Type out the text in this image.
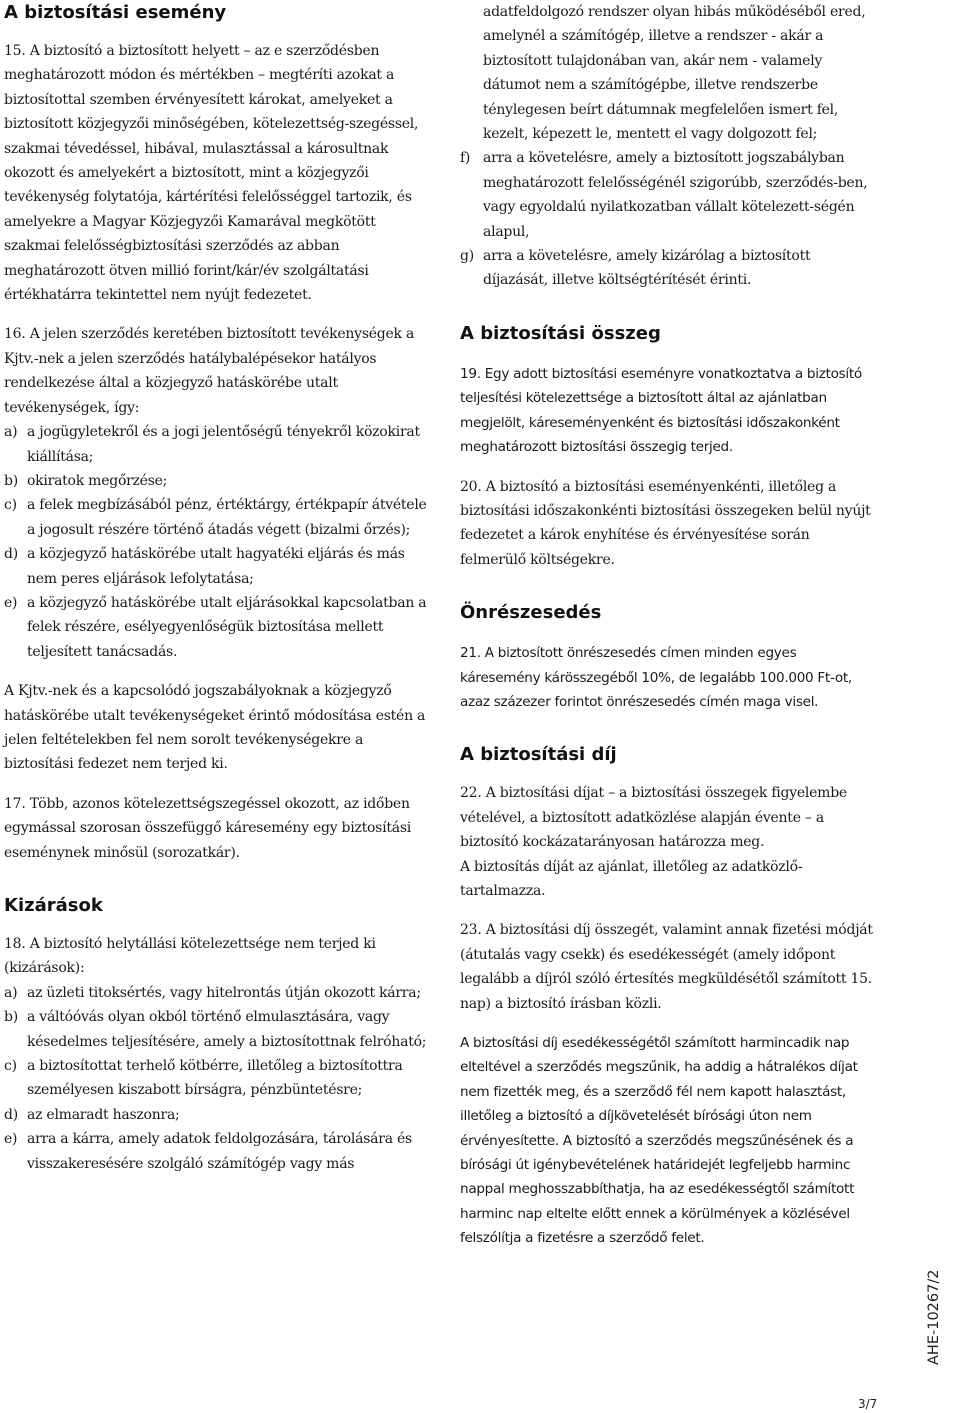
A biztosítási esemény

15. A biztosító a biztosított helyett – az e szerződésben meghatározott módon és mértékben – megtéríti azokat a biztosítottal szemben érvényesített károkat, amelyeket a biztosított közjegyzői minőségében, kötelezettség-szegéssel, szakmai tévedéssel, hibával, mulasztással a károsultnak okozott és amelyekért a biztosított, mint a közjegyzői tevékenység folytatója, kártérítési felelősséggel tartozik, és amelyekre a Magyar Közjegyzői Kamarával megkötött szakmai felelősségbiztosítási szerződés az abban meghatározott ötven millió forint/kár/év szolgáltatási értékhatárra tekintettel nem nyújt fedezetet.

16. A jelen szerződés keretében biztosított tevékenységek a Kjtv.-nek a jelen szerződés hatálybalépésekor hatályos rendelkezése által a közjegyző hatáskörébe utalt tevékenységek, így:

a) a jogügyletekről és a jogi jelentőségű tényekről közokirat kiállítása;
b) okiratok megőrzése;
c) a felek megbízásából pénz, értéktárgy, értékpapír átvétele a jogosult részére történő átadás végett (bizalmi őrzés);
d) a közjegyző hatáskörébe utalt hagyatéki eljárás és más nem peres eljárások lefolytatása;
e) a közjegyző hatáskörébe utalt eljárásokkal kapcsolatban a felek részére, esélyegyenlőségük biztosítása mellett teljesített tanácsadás.

A Kjtv.-nek és a kapcsolódó jogszabályoknak a közjegyző hatáskörébe utalt tevékenységeket érintő módosítása estén a jelen feltételekben fel nem sorolt tevékenységekre a biztosítási fedezet nem terjed ki.

17. Több, azonos kötelezettségszegéssel okozott, az időben egymással szorosan összefüggő káresemény egy biztosítási eseménynek minősül (sorozatkár).

Kizárások

18. A biztosító helytállási kötelezettsége nem terjed ki (kizárások):

a) az üzleti titoksértés, vagy hitelrontás útján okozott kárra;
b) a váltóóvás olyan okból történő elmulasztására, vagy késedelmes teljesítésére, amely a biztosítottnak felróható;
c) a biztosítottat terhelő kötbérre, illetőleg a biztosítottra személyesen kiszabott bírságra, pénzbüntetésre;
d) az elmaradt haszonra;
e) arra a kárra, amely adatok feldolgozására, tárolására és visszakeresésére szolgáló számítógép vagy más
adatfeldolgozó rendszer olyan hibás működéséből ered, amelynél a számítógép, illetve a rendszer - akár a biztosított tulajdonában van, akár nem - valamely dátumot nem a számítógépbe, illetve rendszerbe ténylegesen beírt dátumnak megfelelően ismert fel, kezelt, képezett le, mentett el vagy dolgozott fel;
f) arra a követelésre, amely a biztosított jogszabályban meghatározott felelősségénél szigorúbb, szerződés-ben, vagy egyoldalú nyilatkozatban vállalt kötelezett-ségén alapul,
g) arra a követelésre, amely kizárólag a biztosított díjazását, illetve költségtérítését érinti.
A biztosítási összeg

19. Egy adott biztosítási eseményre vonatkoztatva a biztosító teljesítési kötelezettsége a biztosított által az ajánlatban megjelölt, káreseményenként és biztosítási időszakonként meghatározott biztosítási összegig terjed.

20. A biztosító a biztosítási eseményenkénti, illetőleg a biztosítási időszakonkénti biztosítási összegeken belül nyújt fedezetet a károk enyhítése és érvényesítése során felmerülő költségekre.

Önrészesedés

21. A biztosított önrészesedés címen minden egyes káresemény kárösszegéből 10%, de legalább 100.000 Ft-ot, azaz százezer forintot önrészesedés címén maga visel.

A biztosítási díj

22. A biztosítási díjat – a biztosítási összegek figyelembe vételével, a biztosított adatközlése alapján évente – a biztosító kockázatarányosan határozza meg.

A biztosítás díját az ajánlat, illetőleg az adatközlő-tartalmazza.

23. A biztosítási díj összegét, valamint annak fizetési módját (átutalás vagy csekk) és esedékességét (amely időpont legalább a díjról szóló értesítés megküldésétől számított 15. nap) a biztosító írásban közli.

A biztosítási díj esedékességétől számított harmincadik nap elteltével a szerződés megszűnik, ha addig a hátralékos díjat nem fizették meg, és a szerződő fél nem kapott halasztást, illetőleg a biztosító a díjkövetelését bírósági úton nem érvényesítette. A biztosító a szerződés megszűnésének és a bírósági út igénybevételének határidejét legfeljebb harminc nappal meghosszabbíthatja, ha az esedékességtől számított harminc nap eltelte előtt ennek a körülmények a közlésével felszólítja a fizetésre a szerződő felet.

AHE-10267/2
3/7
